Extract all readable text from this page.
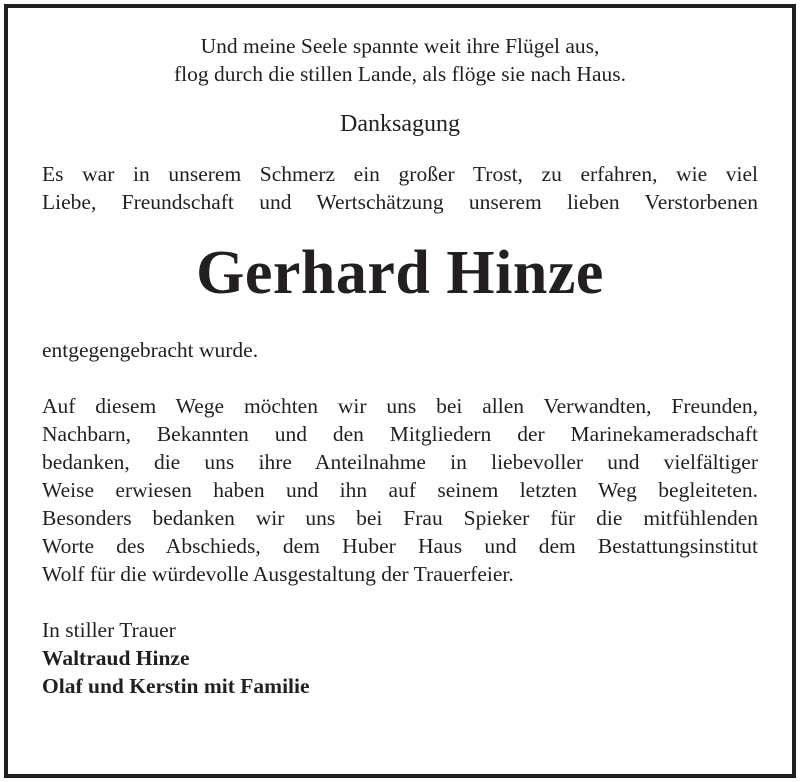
Und meine Seele spannte weit ihre Flügel aus,
flog durch die stillen Lande, als flöge sie nach Haus.
Danksagung
Es war in unserem Schmerz ein großer Trost, zu erfahren, wie viel
Liebe, Freundschaft und Wertschätzung unserem lieben Verstorbenen
Gerhard Hinze
entgegengebracht wurde.
Auf diesem Wege möchten wir uns bei allen Verwandten, Freunden,
Nachbarn, Bekannten und den Mitgliedern der Marinekameradschaft
bedanken, die uns ihre Anteilnahme in liebevoller und vielfältiger
Weise erwiesen haben und ihn auf seinem letzten Weg begleiteten.
Besonders bedanken wir uns bei Frau Spieker für die mitfühlenden
Worte des Abschieds, dem Huber Haus und dem Bestattungsinstitut
Wolf für die würdevolle Ausgestaltung der Trauerfeier.
In stiller Trauer
Waltraud Hinze
Olaf und Kerstin mit Familie
